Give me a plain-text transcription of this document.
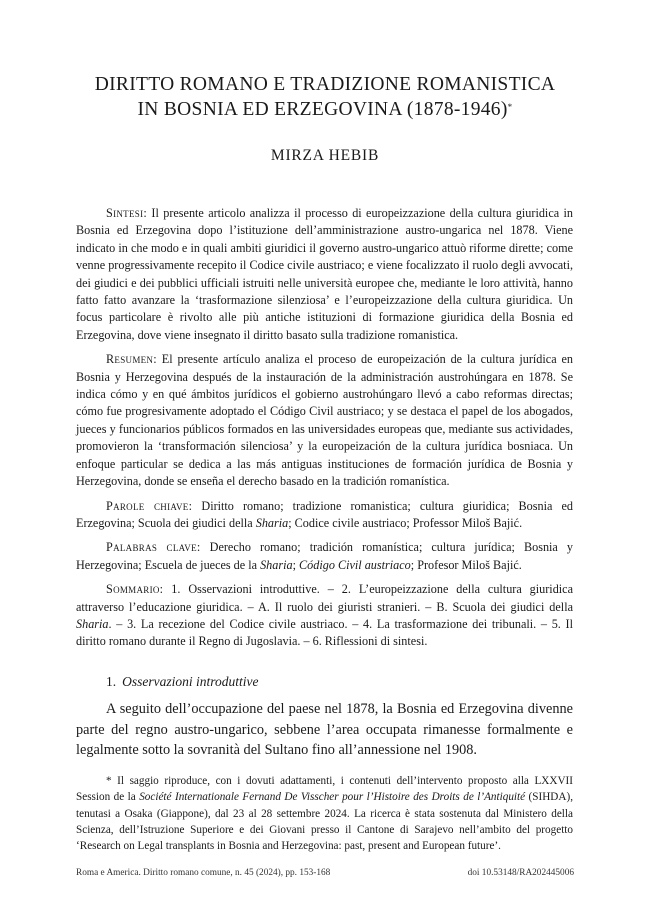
DIRITTO ROMANO E TRADIZIONE ROMANISTICA
IN BOSNIA ED ERZEGOVINA (1878-1946)*
MIRZA HEBIB

Sintesi: Il presente articolo analizza il processo di europeizzazione della cultura giuridica in Bosnia ed Erzegovina dopo l’istituzione dell’amministrazione austro-ungarica nel 1878. Viene indicato in che modo e in quali ambiti giuridici il governo austro-ungarico attuò riforme dirette; come venne progressivamente recepito il Codice civile austriaco; e viene focalizzato il ruolo degli avvocati, dei giudici e dei pubblici ufficiali istruiti nelle università europee che, mediante le loro attività, hanno fatto fatto avanzare la ‘trasformazione silenziosa’ e l’europeizzazione della cultura giuridica. Un focus particolare è rivolto alle più antiche istituzioni di formazione giuridica della Bosnia ed Erzegovina, dove viene insegnato il diritto basato sulla tradizione romanistica.

Resumen: El presente artículo analiza el proceso de europeización de la cultura jurídica en Bosnia y Herzegovina después de la instauración de la administración austrohúngara en 1878. Se indica cómo y en qué ámbitos jurídicos el gobierno austrohúngaro llevó a cabo reformas directas; cómo fue progresivamente adoptado el Código Civil austriaco; y se destaca el papel de los abogados, jueces y funcionarios públicos formados en las universidades europeas que, mediante sus actividades, promovieron la ‘transformación silenciosa’ y la europeización de la cultura jurídica bosniaca. Un enfoque particular se dedica a las más antiguas instituciones de formación jurídica de Bosnia y Herzegovina, donde se enseña el derecho basado en la tradición romanística.

Parole chiave: Diritto romano; tradizione romanistica; cultura giuridica; Bosnia ed Erzegovina; Scuola dei giudici della Sharia; Codice civile austriaco; Professor Miloš Bajić.

Palabras clave: Derecho romano; tradición romanística; cultura jurídica; Bosnia y Herzegovina; Escuela de jueces de la Sharia; Código Civil austriaco; Profesor Miloš Bajić.

Sommario: 1. Osservazioni introduttive. – 2. L’europeizzazione della cultura giuridica attraverso l’educazione giuridica. – A. Il ruolo dei giuristi stranieri. – B. Scuola dei giudici della Sharia. – 3. La recezione del Codice civile austriaco. – 4. La trasformazione dei tribunali. – 5. Il diritto romano durante il Regno di Jugoslavia. – 6. Riflessioni di sintesi.

1. Osservazioni introduttive

A seguito dell’occupazione del paese nel 1878, la Bosnia ed Erzegovina divenne parte del regno austro-ungarico, sebbene l’area occupata rimanesse formalmente e legalmente sotto la sovranità del Sultano fino all’annessione nel 1908.

* Il saggio riproduce, con i dovuti adattamenti, i contenuti dell’intervento proposto alla LXXVII Session de la Société Internationale Fernand De Visscher pour l’Histoire des Droits de l’Antiquité (SIHDA), tenutasi a Osaka (Giappone), dal 23 al 28 settembre 2024. La ricerca è stata sostenuta dal Ministero della Scienza, dell’Istruzione Superiore e dei Giovani presso il Cantone di Sarajevo nell’ambito del progetto ‘Research on Legal transplants in Bosnia and Herzegovina: past, present and European future’.

Roma e America. Diritto romano comune, n. 45 (2024), pp. 153-168	doi 10.53148/RA202445006
